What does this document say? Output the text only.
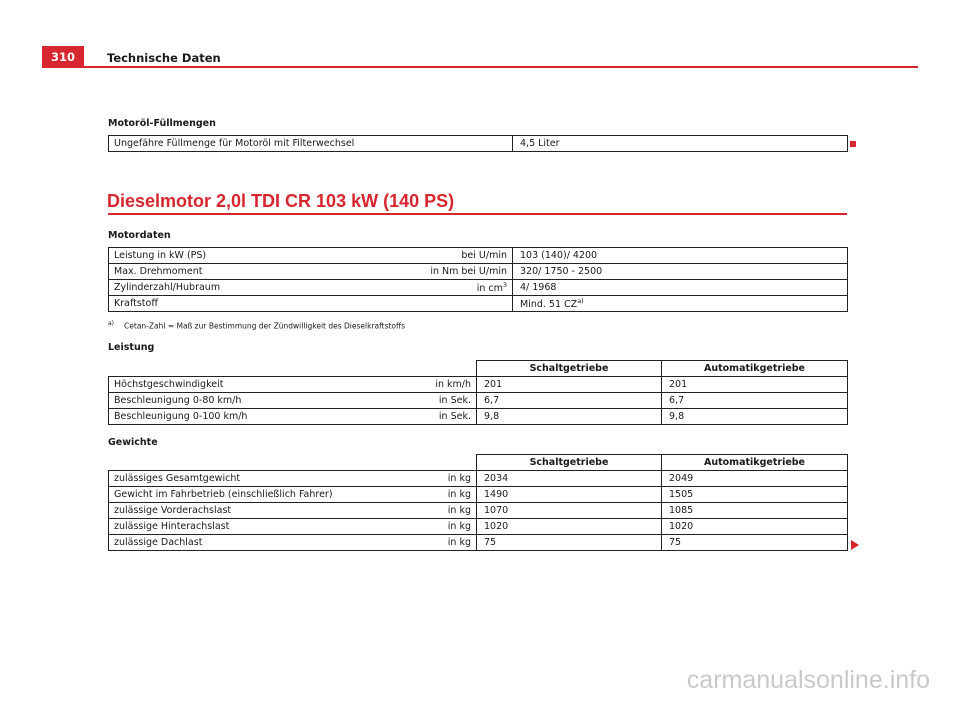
310	Technische Daten
Motoröl-Füllmengen
Ungefähre Füllmenge für Motoröl mit Filterwechsel	4,5 Liter
Dieselmotor 2,0l TDI CR 103 kW (140 PS)
Motordaten
Leistung in kW (PS)	bei U/min	103 (140)/ 4200
Max. Drehmoment	in Nm bei U/min	320/ 1750 - 2500
Zylinderzahl/Hubraum	in $cm^3$	4/ 1968
Kraftstoff		Mind. 51 CZ$^{a)}$
$^{a)}$ Cetan-Zahl = Maß zur Bestimmung der Zündwilligkeit des Dieselkraftstoffs
Leistung
		Schaltgetriebe	Automatikgetriebe
Höchstgeschwindigkeit	in km/h	201	201
Beschleunigung 0-80 km/h	in Sek.	6,7	6,7
Beschleunigung 0-100 km/h	in Sek.	9,8	9,8
Gewichte
		Schaltgetriebe	Automatikgetriebe
zulässiges Gesamtgewicht	in kg	2034	2049
Gewicht im Fahrbetrieb (einschließlich Fahrer)	in kg	1490	1505
zulässige Vorderachslast	in kg	1070	1085
zulässige Hinterachslast	in kg	1020	1020
zulässige Dachlast	in kg	75	75
carmanualsonline.info
